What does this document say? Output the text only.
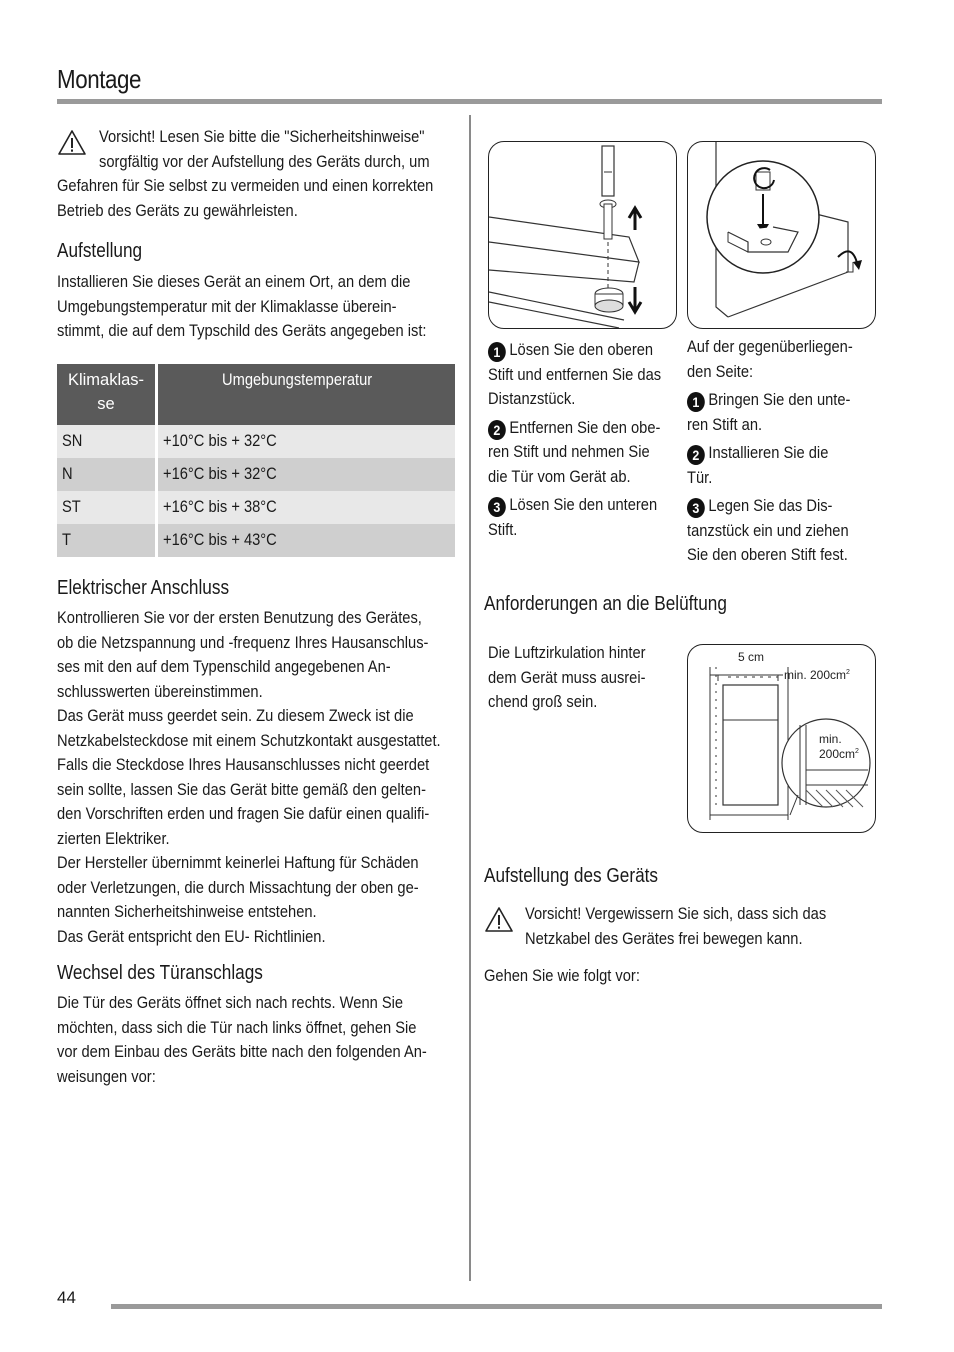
Montage
Vorsicht! Lesen Sie bitte die "Sicherheitshinweise"
sorgfältig vor der Aufstellung des Geräts durch, um
Gefahren für Sie selbst zu vermeiden und einen korrekten
Betrieb des Geräts zu gewährleisten.
Aufstellung
Installieren Sie dieses Gerät an einem Ort, an dem die
Umgebungstemperatur mit der Klimaklasse überein-
stimmt, die auf dem Typschild des Geräts angegeben ist:
Klimaklas-
se	Umgebungstemperatur
SN	+10°C bis + 32°C
N	+16°C bis + 32°C
ST	+16°C bis + 38°C
T	+16°C bis + 43°C
Elektrischer Anschluss
Kontrollieren Sie vor der ersten Benutzung des Gerätes,
ob die Netzspannung und -frequenz Ihres Hausanschlus-
ses mit den auf dem Typenschild angegebenen An-
schlusswerten übereinstimmen.
Das Gerät muss geerdet sein. Zu diesem Zweck ist die
Netzkabelsteckdose mit einem Schutzkontakt ausgestattet.
Falls die Steckdose Ihres Hausanschlusses nicht geerdet
sein sollte, lassen Sie das Gerät bitte gemäß den gelten-
den Vorschriften erden und fragen Sie dafür einen qualifi-
zierten Elektriker.
Der Hersteller übernimmt keinerlei Haftung für Schäden
oder Verletzungen, die durch Missachtung der oben ge-
nannten Sicherheitshinweise entstehen.
Das Gerät entspricht den EU- Richtlinien.
Wechsel des Türanschlags
Die Tür des Geräts öffnet sich nach rechts. Wenn Sie
möchten, dass sich die Tür nach links öffnet, gehen Sie
vor dem Einbau des Geräts bitte nach den folgenden An-
weisungen vor:
1 Lösen Sie den oberen
Stift und entfernen Sie das
Distanzstück.
2 Entfernen Sie den obe-
ren Stift und nehmen Sie
die Tür vom Gerät ab.
3 Lösen Sie den unteren
Stift.
Auf der gegenüberliegen-
den Seite:
1 Bringen Sie den unte-
ren Stift an.
2 Installieren Sie die
Tür.
3 Legen Sie das Dis-
tanzstück ein und ziehen
Sie den oberen Stift fest.
Anforderungen an die Belüftung
Die Luftzirkulation hinter
dem Gerät muss ausrei-
chend groß sein.
5 cm
min. $200cm^2$
min.
$200cm^2$
Aufstellung des Geräts
Vorsicht! Vergewissern Sie sich, dass sich das
Netzkabel des Gerätes frei bewegen kann.
Gehen Sie wie folgt vor:
44
